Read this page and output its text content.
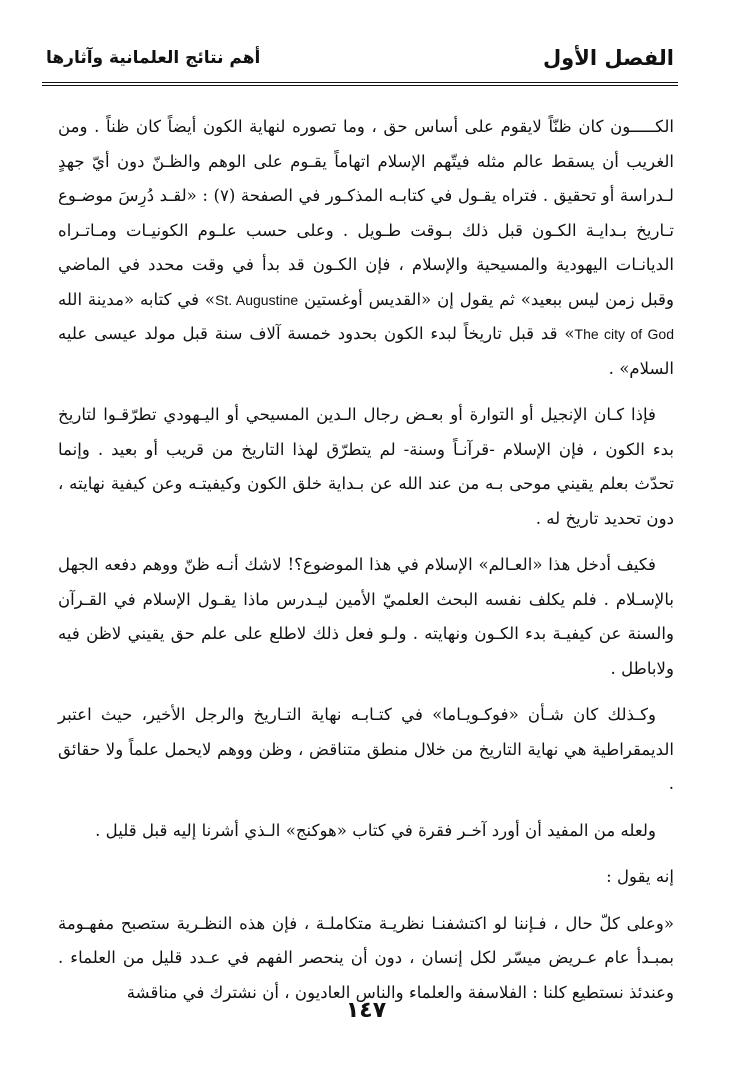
الفصل الأول
أهم نتائج العلمانية وآثارها

الكـــــون كان ظنّاً لايقوم على أساس حق ، وما تصوره لنهاية الكون أيضاً كان ظناً . ومن الغريب أن يسقط عالم مثله فيتّهم الإسلام اتهاماً يقـوم على الوهم والظـنّ دون أيّ جهدٍ لـدراسة أو تحقيق . فتراه يقـول في كتابـه المذكـور في الصفحة (٧) : «لقـد دُرِسَ موضـوع تـاريخ بـدايـة الكـون قبل ذلك بـوقت طـويل . وعلى حسب علـوم الكونيـات ومـاتـراه الديانـات اليهودية والمسيحية والإسلام ، فإن الكـون قد بدأ في وقت محدد في الماضي وقبل زمن ليس ببعيد» ثم يقول إن «القديس أوغستين St. Augustine» في كتابه «مدينة الله The city of God» قد قبل تاريخاً لبدء الكون بحدود خمسة آلاف سنة قبل مولد عيسى عليه السلام» .

فإذا كـان الإنجيل أو التوارة أو بعـض رجال الـدين المسيحي أو اليـهودي تطرّقـوا لتاريخ بدء الكون ، فإن الإسلام -قرآنـاً وسنة- لم يتطرّق لهذا التاريخ من قريب أو بعيد . وإنما تحدّث بعلم يقيني موحى بـه من عند الله عن بـداية خلق الكون وكيفيتـه وعن كيفية نهايته ، دون تحديد تاريخ له .

فكيف أدخل هذا «العـالم» الإسلام في هذا الموضوع؟! لاشك أنـه ظنّ ووهم دفعه الجهل بالإسـلام . فلم يكلف نفسه البحث العلميّ الأمين ليـدرس ماذا يقـول الإسلام في القـرآن والسنة عن كيفيـة بدء الكـون ونهايته . ولـو فعل ذلك لاطلع على علم حق يقيني لاظن فيه ولاباطل .

وكـذلك كان شـأن «فوكـويـاما» في كتـابـه نهاية التـاريخ والرجل الأخير، حيث اعتبر الديمقراطية هي نهاية التاريخ من خلال منطق متناقض ، وظن ووهم لايحمل علماً ولا حقائق .

ولعله من المفيد أن أورد آخـر فقرة في كتاب «هوكنج» الـذي أشرنا إليه قبل قليل .

إنه يقول :

«وعلى كلّ حال ، فـإننا لو اكتشفنـا نظريـة متكاملـة ، فإن هذه النظـرية ستصبح مفهـومة بمبـدأ عام عـريض ميسّر لكل إنسان ، دون أن ينحصر الفهم في عـدد قليل من العلماء . وعندئذ نستطيع كلنا : الفلاسفة والعلماء والناس العاديون ، أن نشترك في مناقشة

١٤٧
